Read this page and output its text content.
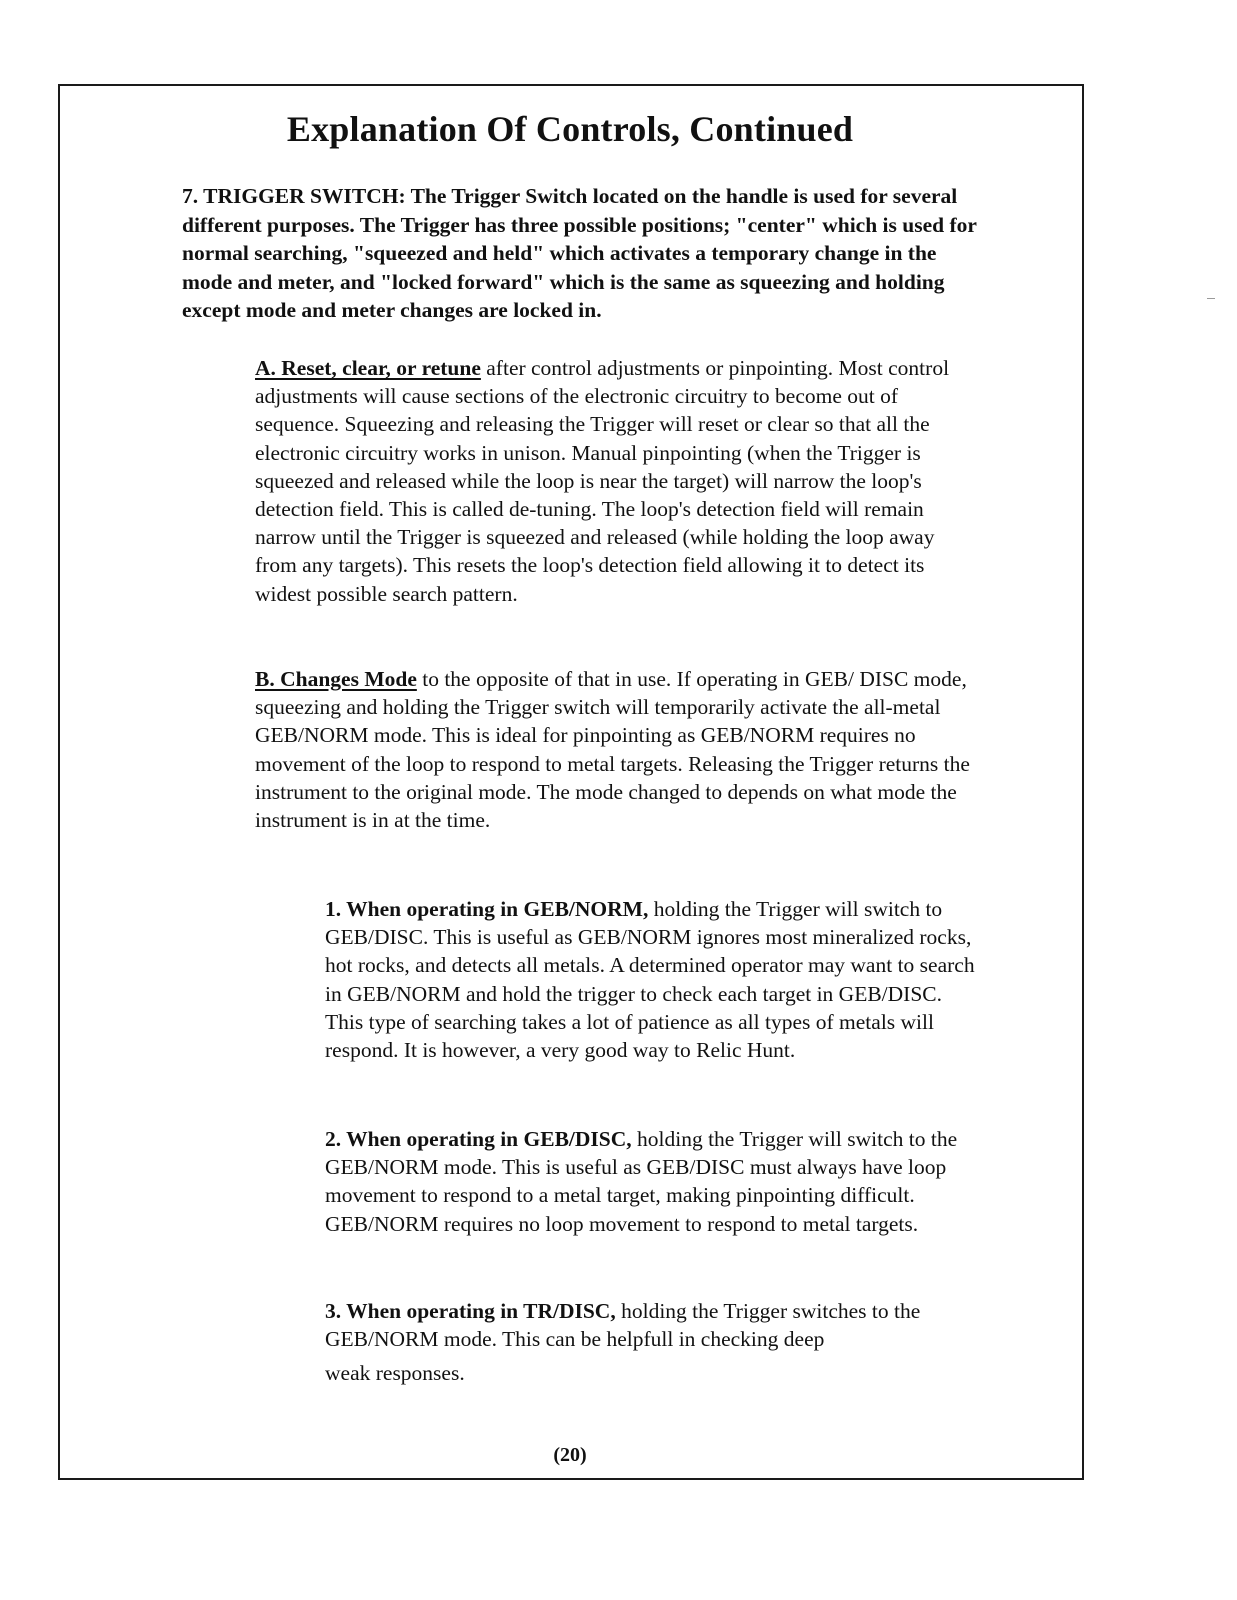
Explanation Of Controls, Continued

7. TRIGGER SWITCH: The Trigger Switch located on the handle is used for several different purposes. The Trigger has three possible positions; "center" which is used for normal searching, "squeezed and held" which activates a temporary change in the mode and meter, and "locked forward" which is the same as squeezing and holding except mode and meter changes are locked in.

A. Reset, clear, or retune after control adjustments or pinpointing. Most control adjustments will cause sections of the electronic circuitry to become out of sequence. Squeezing and releasing the Trigger will reset or clear so that all the electronic circuitry works in unison. Manual pinpointing (when the Trigger is squeezed and released while the loop is near the target) will narrow the loop's detection field. This is called de-tuning. The loop's detection field will remain narrow until the Trigger is squeezed and released (while holding the loop away from any targets). This resets the loop's detection field allowing it to detect its widest possible search pattern.

B. Changes Mode to the opposite of that in use. If operating in GEB/ DISC mode, squeezing and holding the Trigger switch will temporarily activate the all-metal GEB/NORM mode. This is ideal for pinpointing as GEB/NORM requires no movement of the loop to respond to metal targets. Releasing the Trigger returns the instrument to the original mode. The mode changed to depends on what mode the instrument is in at the time.

1. When operating in GEB/NORM, holding the Trigger will switch to GEB/DISC. This is useful as GEB/NORM ignores most mineralized rocks, hot rocks, and detects all metals. A determined operator may want to search in GEB/NORM and hold the trigger to check each target in GEB/DISC. This type of searching takes a lot of patience as all types of metals will respond. It is however, a very good way to Relic Hunt.

2. When operating in GEB/DISC, holding the Trigger will switch to the GEB/NORM mode. This is useful as GEB/DISC must always have loop movement to respond to a metal target, making pinpointing difficult. GEB/NORM requires no loop movement to respond to metal targets.

3. When operating in TR/DISC, holding the Trigger switches to the GEB/NORM mode. This can be helpfull in checking deep
weak responses.

(20)
